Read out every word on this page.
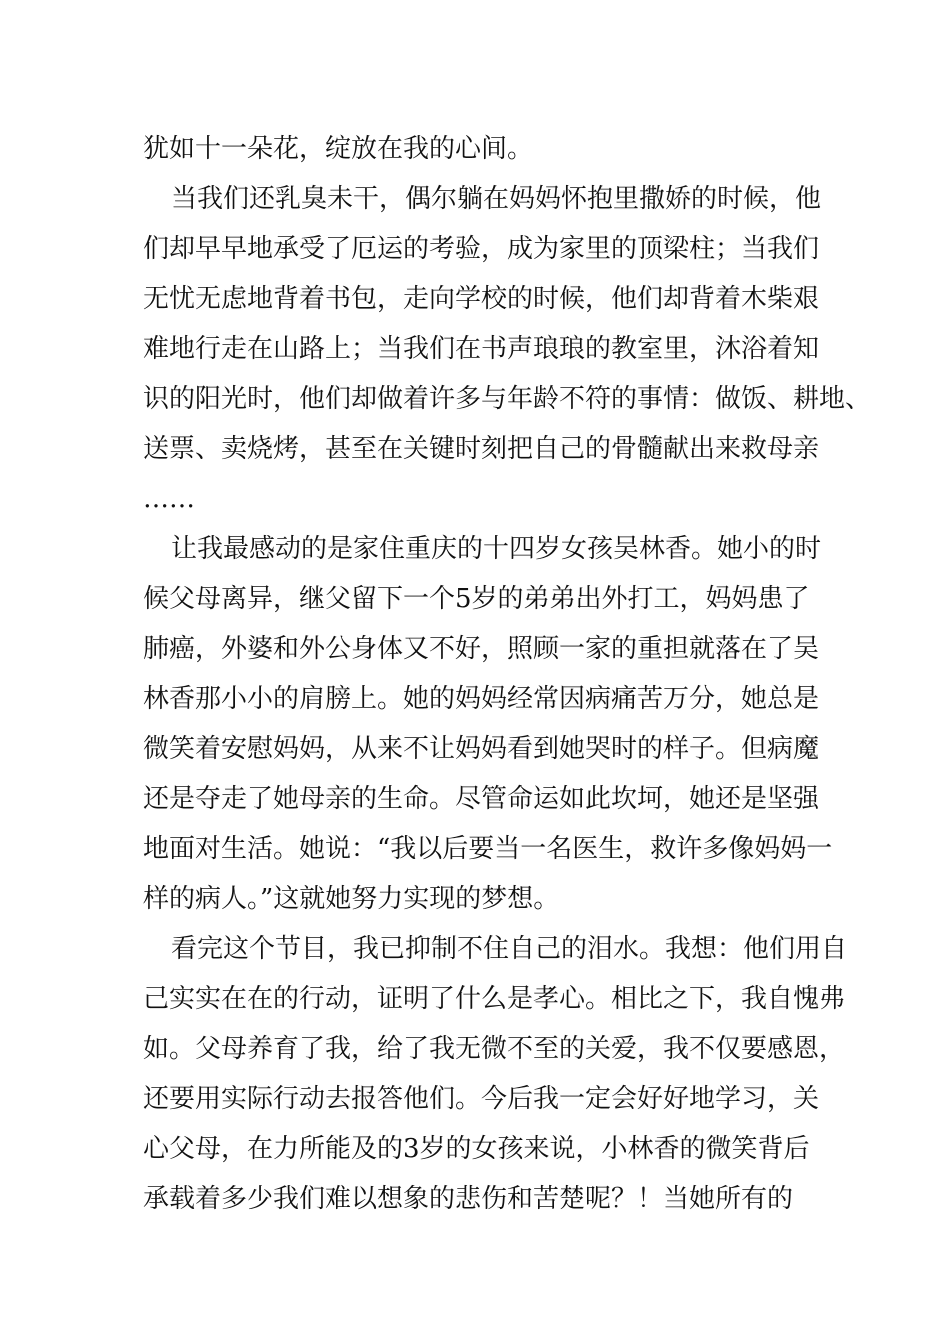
犹如十一朵花，绽放在我的心间。
当我们还乳臭未干，偶尔躺在妈妈怀抱里撒娇的时候，他
们却早早地承受了厄运的考验，成为家里的顶梁柱；当我们
无忧无虑地背着书包，走向学校的时候，他们却背着木柴艰
难地行走在山路上；当我们在书声琅琅的教室里，沐浴着知
识的阳光时，他们却做着许多与年龄不符的事情：做饭、耕地、
送票、卖烧烤，甚至在关键时刻把自己的骨髓献出来救母亲
……
让我最感动的是家住重庆的十四岁女孩吴林香。她小的时
候父母离异，继父留下一个5岁的弟弟出外打工，妈妈患了
肺癌，外婆和外公身体又不好，照顾一家的重担就落在了吴
林香那小小的肩膀上。她的妈妈经常因病痛苦万分，她总是
微笑着安慰妈妈，从来不让妈妈看到她哭时的样子。但病魔
还是夺走了她母亲的生命。尽管命运如此坎坷，她还是坚强
地面对生活。她说：“我以后要当一名医生，救许多像妈妈一
样的病人。”这就她努力实现的梦想。
看完这个节目，我已抑制不住自己的泪水。我想：他们用自
己实实在在的行动，证明了什么是孝心。相比之下，我自愧弗
如。父母养育了我，给了我无微不至的关爱，我不仅要感恩，
还要用实际行动去报答他们。今后我一定会好好地学习，关
心父母，在力所能及的3岁的女孩来说，小林香的微笑背后
承载着多少我们难以想象的悲伤和苦楚呢？！当她所有的
